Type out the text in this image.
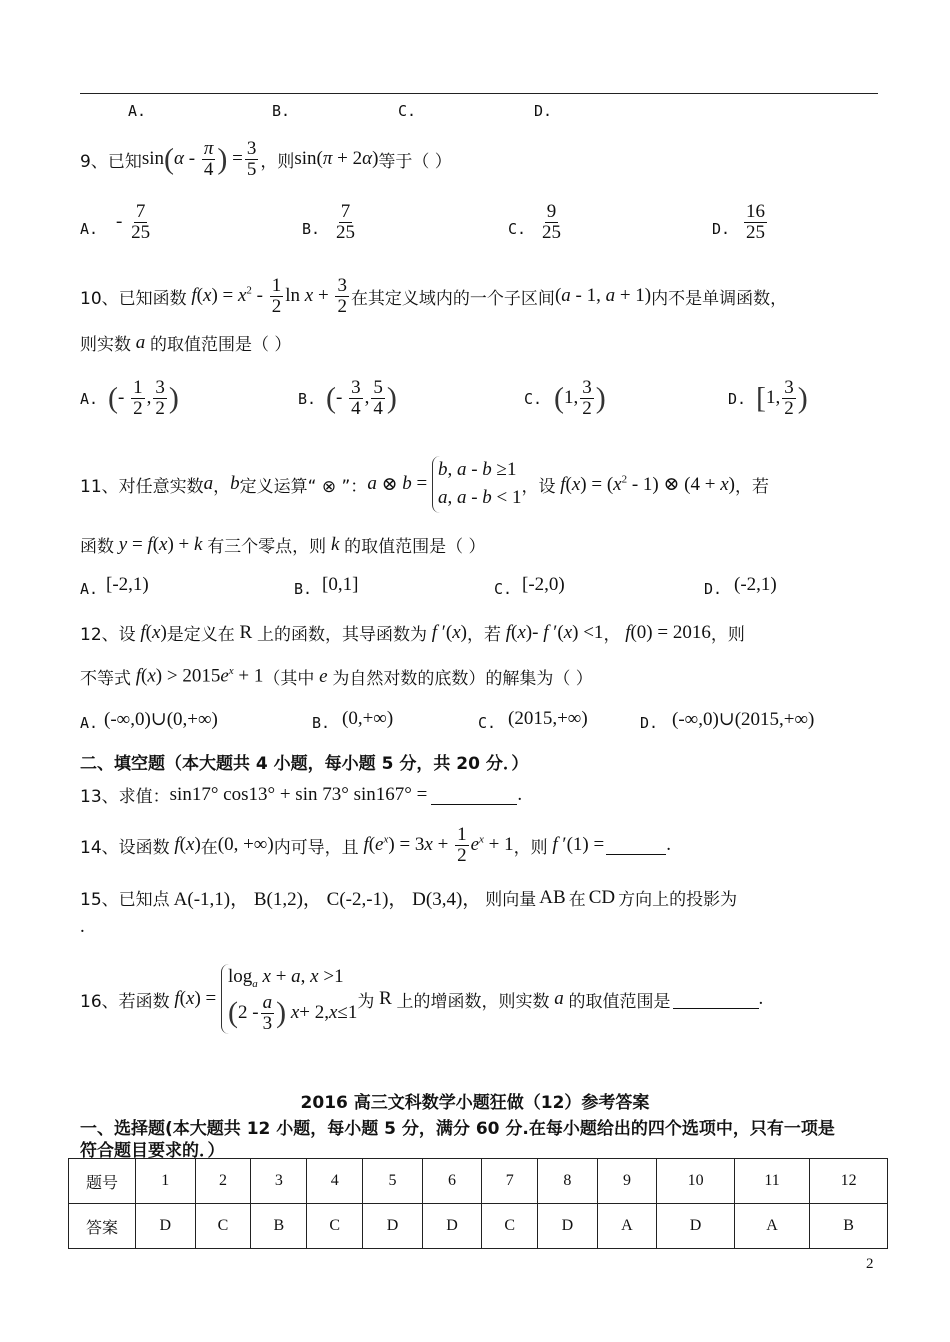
A.	B.	C.	D.
9、已知 $\sin(\alpha - \frac{\pi}{4}$ ) = $\frac{3}{5}$ ，则 sin(π + 2α) 等于（ ）
A. - $\frac{7}{25}$	B. $\frac{7}{25}$	C. $\frac{9}{25}$	D. $\frac{16}{25}$
10、已知函数 $f(x) = x^2 - \frac{1}{2}$ $\ln x + \frac{3}{2}$ 在其定义域内的一个子区间 (a - 1, a + 1) 内不是单调函数，
则实数 a 的取值范围是（ ）
A. (- $\frac{1}{2}$ , $\frac{3}{2}$ )	B. (- $\frac{3}{4}$ , $\frac{5}{4}$ )	C. (1, $\frac{3}{2}$ )	D. [1, $\frac{3}{2}$ )
11、对任意实数 a ， b 定义运算“ ⊗ ”： a ⊗ b =
b, a - b ≥1
a, a - b < 1
，设 $f(x) = (x^2 - 1)$ ⊗ (4 + x) ，若
函数 y = f(x) + k 有三个零点，则 k 的取值范围是（ ）
A. [-2,1)	B. [0,1]	C. [-2,0)	D. (-2,1)
12、设 f(x) 是定义在 R 上的函数，其导函数为 f ′(x) ，若 f(x)- f ′(x) <1 ， f(0) = 2016 ，则
不等式 $f(x) > 2015e^x + 1$ （其中 e 为自然对数的底数）的解集为（ ）
A. (-∞,0)∪(0,+∞)	B. (0,+∞)	C. (2015,+∞)	D. (-∞,0)∪(2015,+∞)
二、填空题（本大题共 4 小题，每小题 5 分，共 20 分．）
13、求值： sin17° cos13° + sin 73° sin167° =
	.
14、设函数 f(x) 在 (0, +∞) 内可导，且 $f(e^x) = 3x + \frac{1}{2} e^x + 1$ ，则 f ′(1) =
	.
15、已知点 A(-1,1)， B(1,2)， C(-2,-1)， D(3,4)， 则向量 AB 在 CD 方向上的投影为
.
16、若函数
f ( x ) =
$\log_a x + a$, x >1
( $2 - \frac{a}{3}$ )
x + 2, x ≤1
为 R 上的增函数，则实数 a 的取值范围是
	.
2016 高三文科数学小题狂做（12）参考答案
一、选择题(本大题共 12 小题，每小题 5 分，满分 60 分.在每小题给出的四个选项中，只有一项是
符合题目要求的．）
题号	1	2	3	4	5	6	7	8	9	10	11	12
答案	D	C	B	C	D	D	C	D	A	D	A	B
2
